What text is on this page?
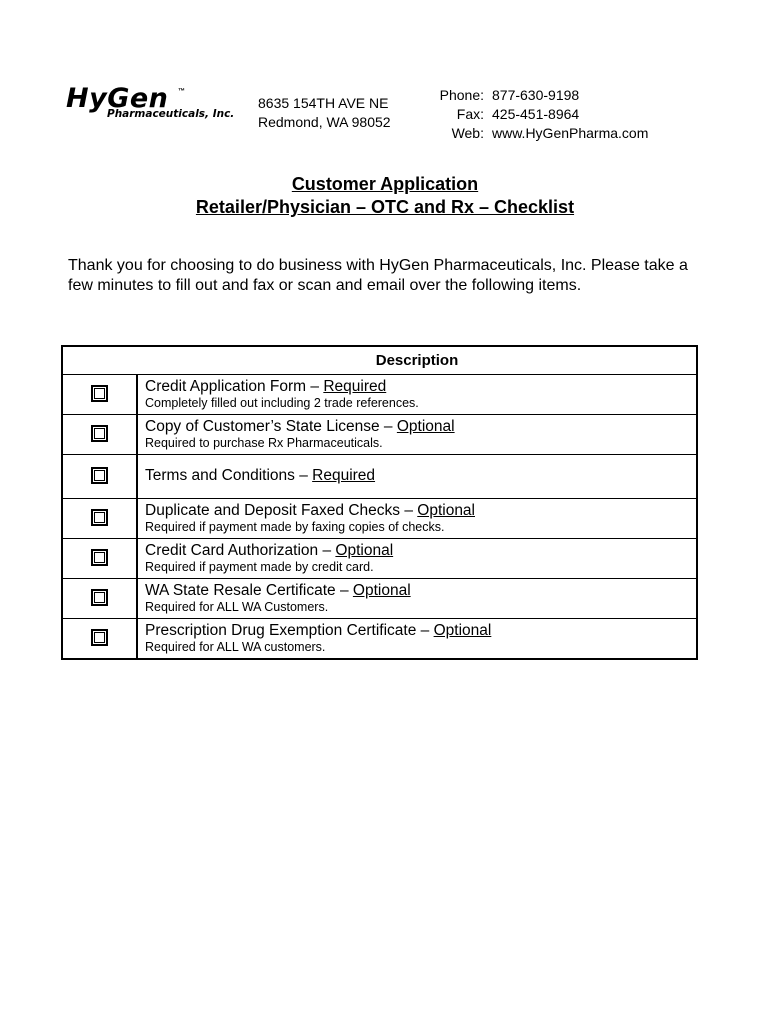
HyGen ™
Pharmaceuticals, Inc.
8635 154TH AVE NE
Redmond, WA 98052
Phone: 877-630-9198
Fax: 425-451-8964
Web: www.HyGenPharma.com
Customer Application
Retailer/Physician – OTC and Rx – Checklist
Thank you for choosing to do business with HyGen Pharmaceuticals, Inc. Please take a few minutes to fill out and fax or scan and email over the following items.
Description	

	Credit Application Form – Required
Completely filled out including 2 trade references.

	Copy of Customer’s State License – Optional
Required to purchase Rx Pharmaceuticals.

	Terms and Conditions – Required

	Duplicate and Deposit Faxed Checks – Optional
Required if payment made by faxing copies of checks.

	Credit Card Authorization – Optional
Required if payment made by credit card.

	WA State Resale Certificate – Optional
Required for ALL WA Customers.

	Prescription Drug Exemption Certificate – Optional
Required for ALL WA customers.
